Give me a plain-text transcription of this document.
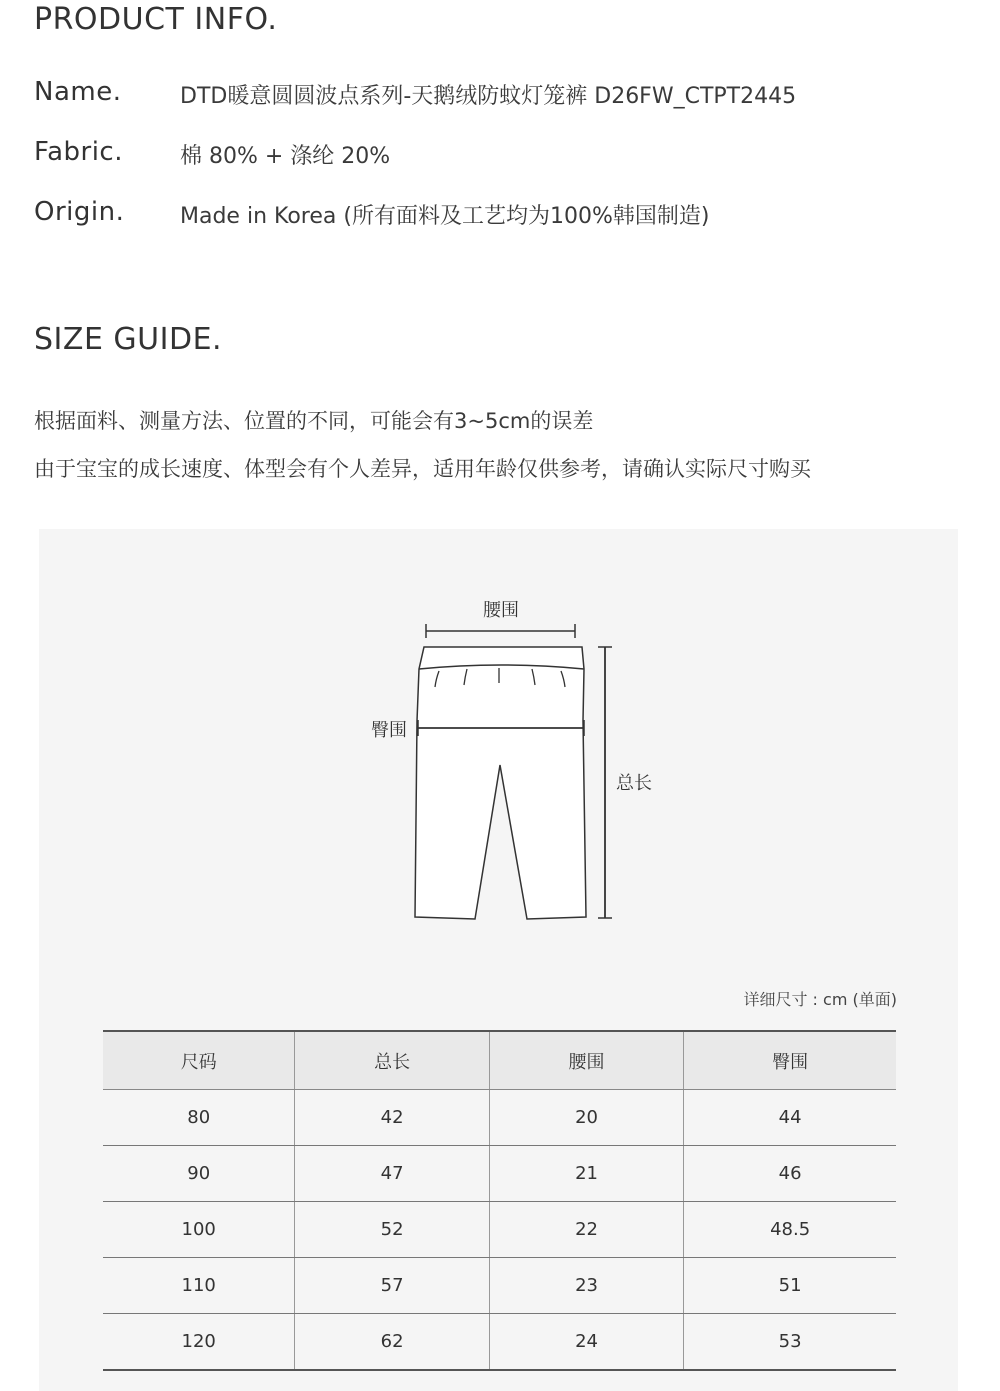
PRODUCT INFO.
Name.	DTD暖意圆圆波点系列-天鹅绒防蚊灯笼裤 D26FW_CTPT2445
Fabric.	棉 80% + 涤纶 20%
Origin.	Made in Korea (所有面料及工艺均为100%韩国制造)
SIZE GUIDE.
根据面料、测量方法、位置的不同，可能会有3~5cm的误差
由于宝宝的成长速度、体型会有个人差异，适用年龄仅供参考，请确认实际尺寸购买
腰围
臀围
总长
详细尺寸 : cm (单面)
尺码	总长	腰围	臀围
80	42	20	44
90	47	21	46
100	52	22	48.5
110	57	23	51
120	62	24	53
